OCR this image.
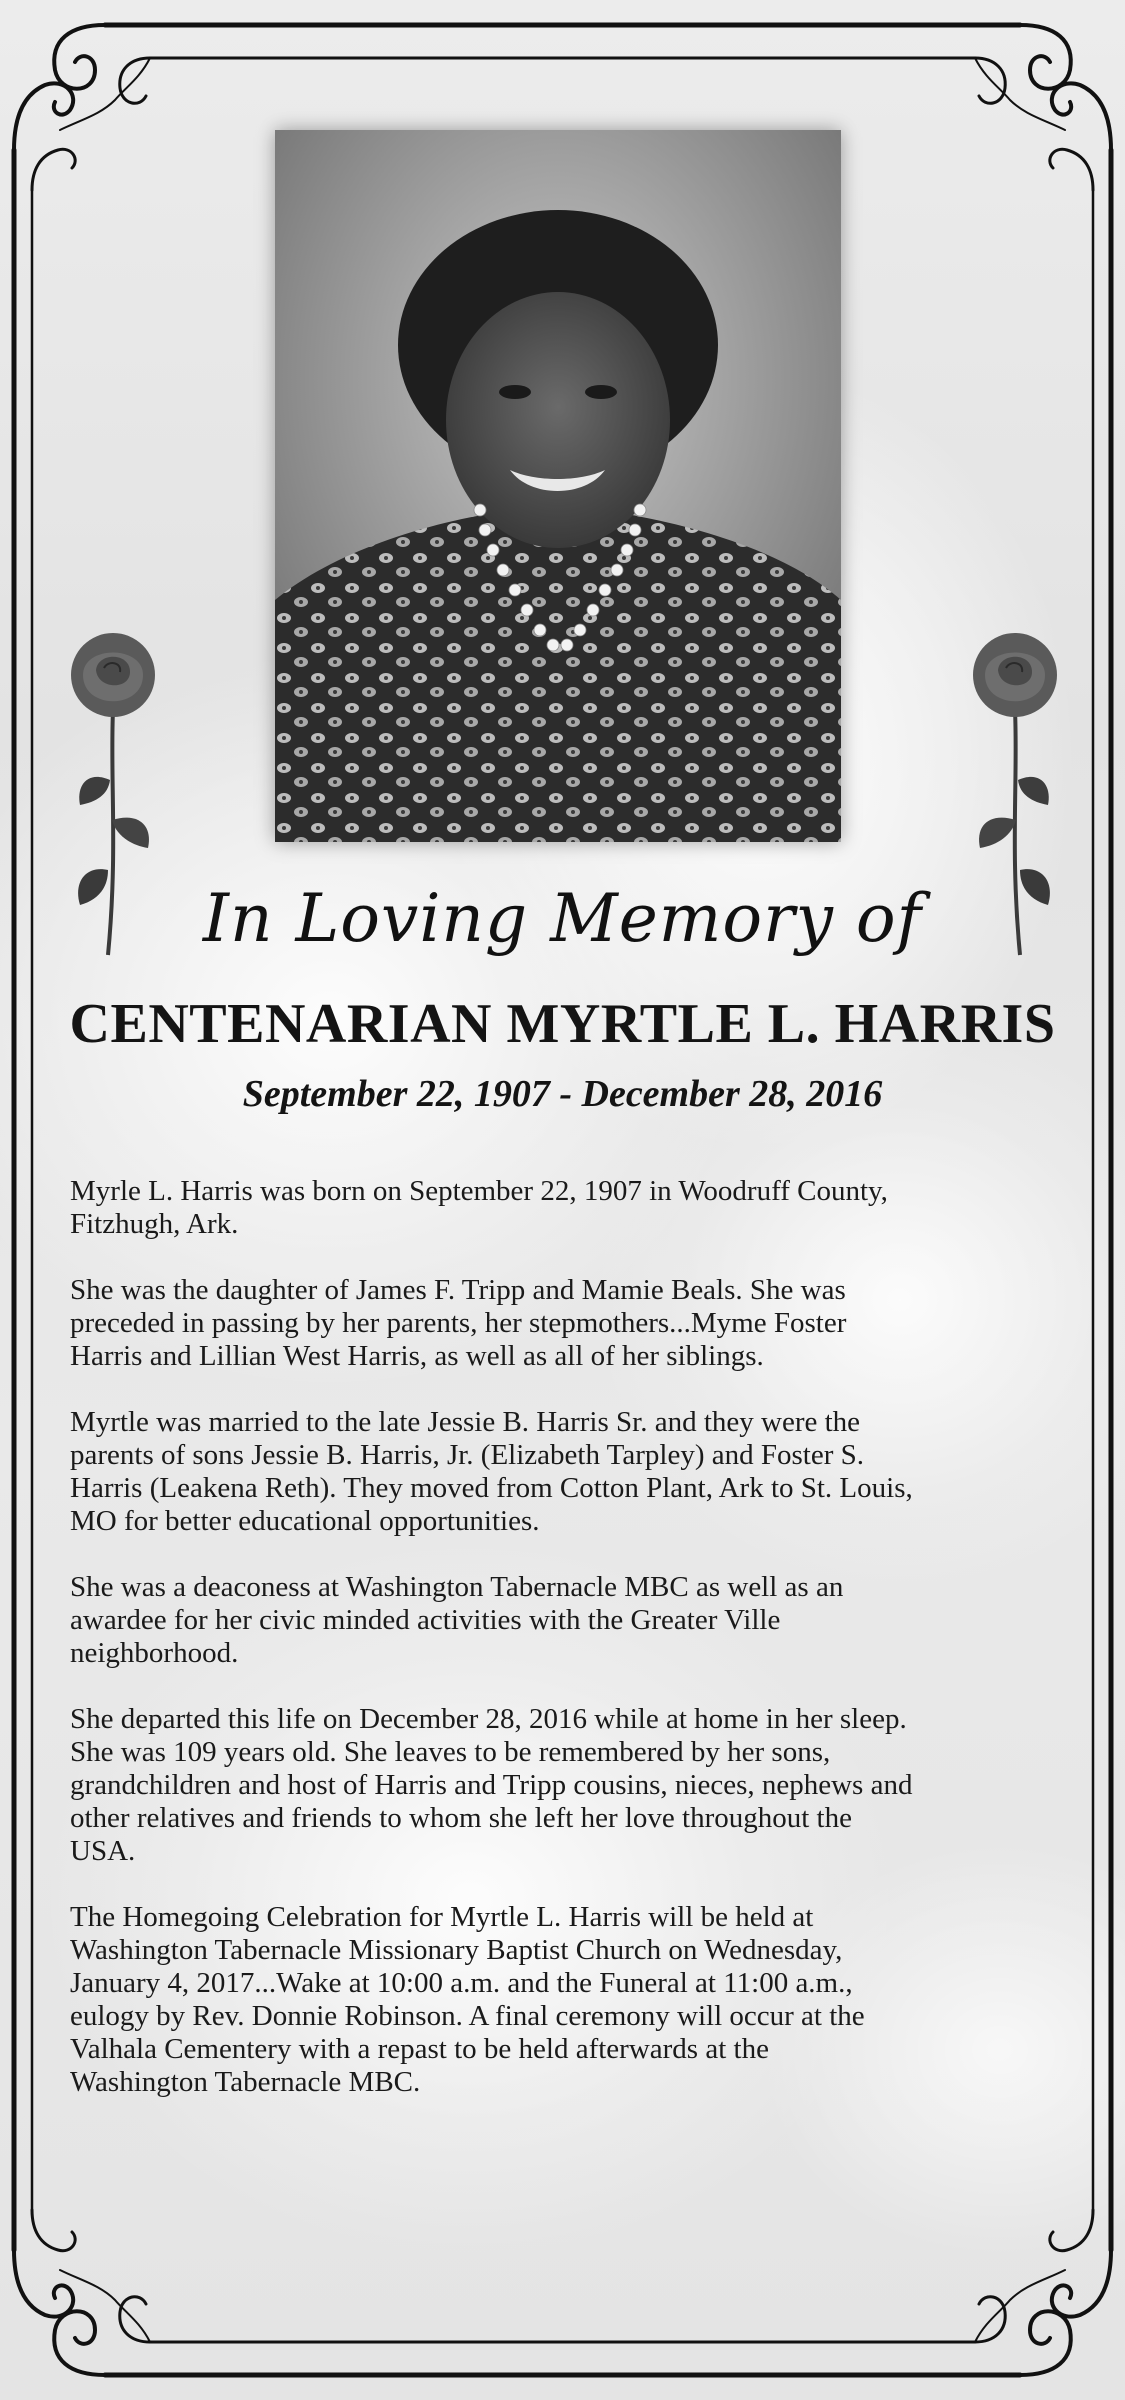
In Loving Memory of
CENTENARIAN MYRTLE L. HARRIS
September 22, 1907 - December 28, 2016

Myrle L. Harris was born on September 22, 1907 in Woodruff County,
Fitzhugh, Ark.

She was the daughter of James F. Tripp and Mamie Beals. She was
preceded in passing by her parents, her stepmothers...Myme Foster
Harris and Lillian West Harris, as well as all of her siblings.

Myrtle was married to the late Jessie B. Harris Sr. and they were the
parents of sons Jessie B. Harris, Jr. (Elizabeth Tarpley) and Foster S.
Harris (Leakena Reth). They moved from Cotton Plant, Ark to St. Louis,
MO for better educational opportunities.

She was a deaconess at Washington Tabernacle MBC as well as an
awardee for her civic minded activities with the Greater Ville
neighborhood.

She departed this life on December 28, 2016 while at home in her sleep.
She was 109 years old. She leaves to be remembered by her sons,
grandchildren and host of Harris and Tripp cousins, nieces, nephews and
other relatives and friends to whom she left her love throughout the
USA.

The Homegoing Celebration for Myrtle L. Harris will be held at
Washington Tabernacle Missionary Baptist Church on Wednesday,
January 4, 2017...Wake at 10:00 a.m. and the Funeral at 11:00 a.m.,
eulogy by Rev. Donnie Robinson. A final ceremony will occur at the
Valhala Cementery with a repast to be held afterwards at the
Washington Tabernacle MBC.
